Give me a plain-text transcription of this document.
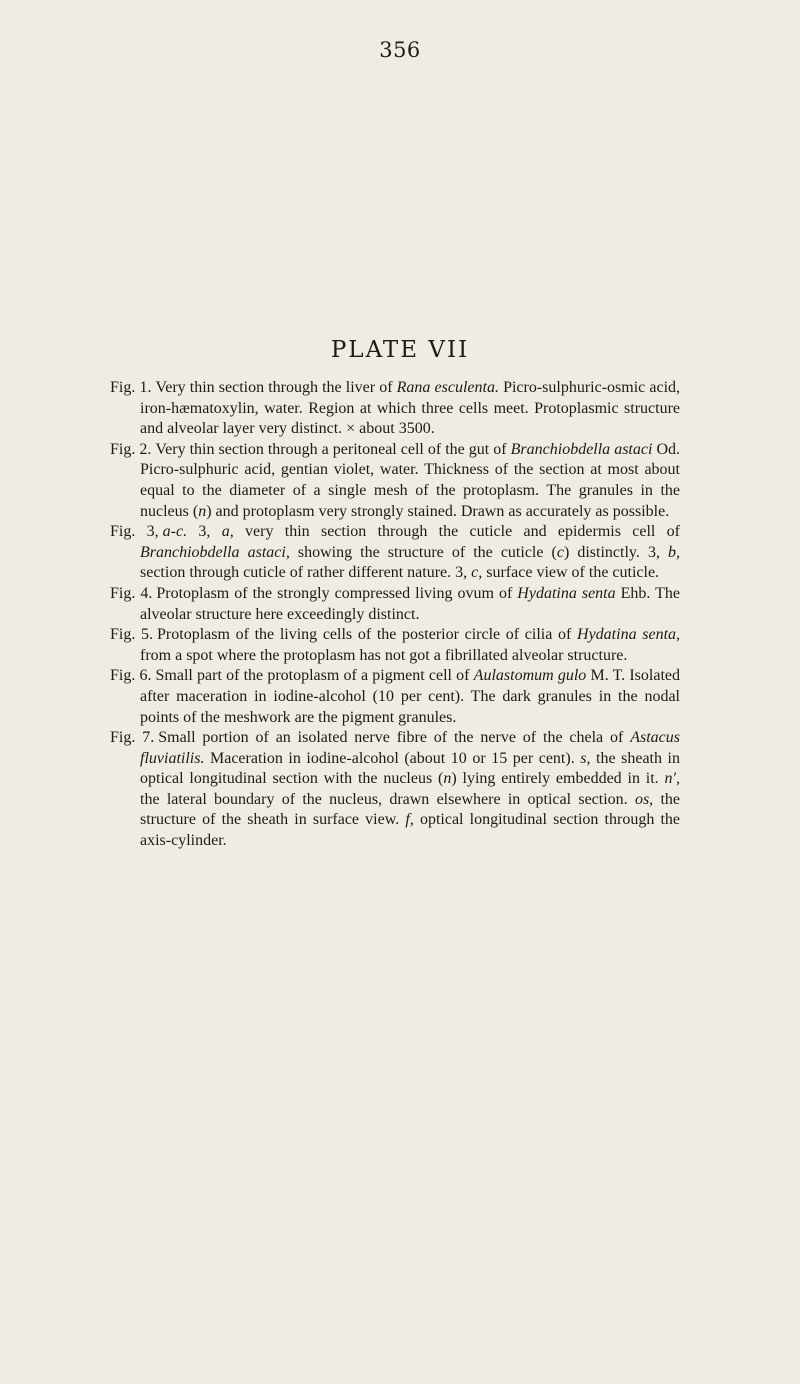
356
PLATE VII

Fig. 1. Very thin section through the liver of Rana esculenta. Picro-sulphuric-osmic acid, iron-hæmatoxylin, water. Region at which three cells meet. Protoplasmic structure and alveolar layer very distinct. × about 3500.

Fig. 2. Very thin section through a peritoneal cell of the gut of Branchiobdella astaci Od. Picro-sulphuric acid, gentian violet, water. Thickness of the section at most about equal to the diameter of a single mesh of the protoplasm. The granules in the nucleus (n) and protoplasm very strongly stained. Drawn as accurately as possible.

Fig. 3, a-c. 3, a, very thin section through the cuticle and epidermis cell of Branchiobdella astaci, showing the structure of the cuticle (c) distinctly. 3, b, section through cuticle of rather different nature. 3, c, surface view of the cuticle.

Fig. 4. Protoplasm of the strongly compressed living ovum of Hydatina senta Ehb. The alveolar structure here exceedingly distinct.

Fig. 5. Protoplasm of the living cells of the posterior circle of cilia of Hydatina senta, from a spot where the protoplasm has not got a fibrillated alveolar structure.

Fig. 6. Small part of the protoplasm of a pigment cell of Aulastomum gulo M. T. Isolated after maceration in iodine-alcohol (10 per cent). The dark granules in the nodal points of the meshwork are the pigment granules.

Fig. 7. Small portion of an isolated nerve fibre of the nerve of the chela of Astacus fluviatilis. Maceration in iodine-alcohol (about 10 or 15 per cent). s, the sheath in optical longitudinal section with the nucleus (n) lying entirely embedded in it. n′, the lateral boundary of the nucleus, drawn elsewhere in optical section. os, the structure of the sheath in surface view. f, optical longitudinal section through the axis-cylinder.
